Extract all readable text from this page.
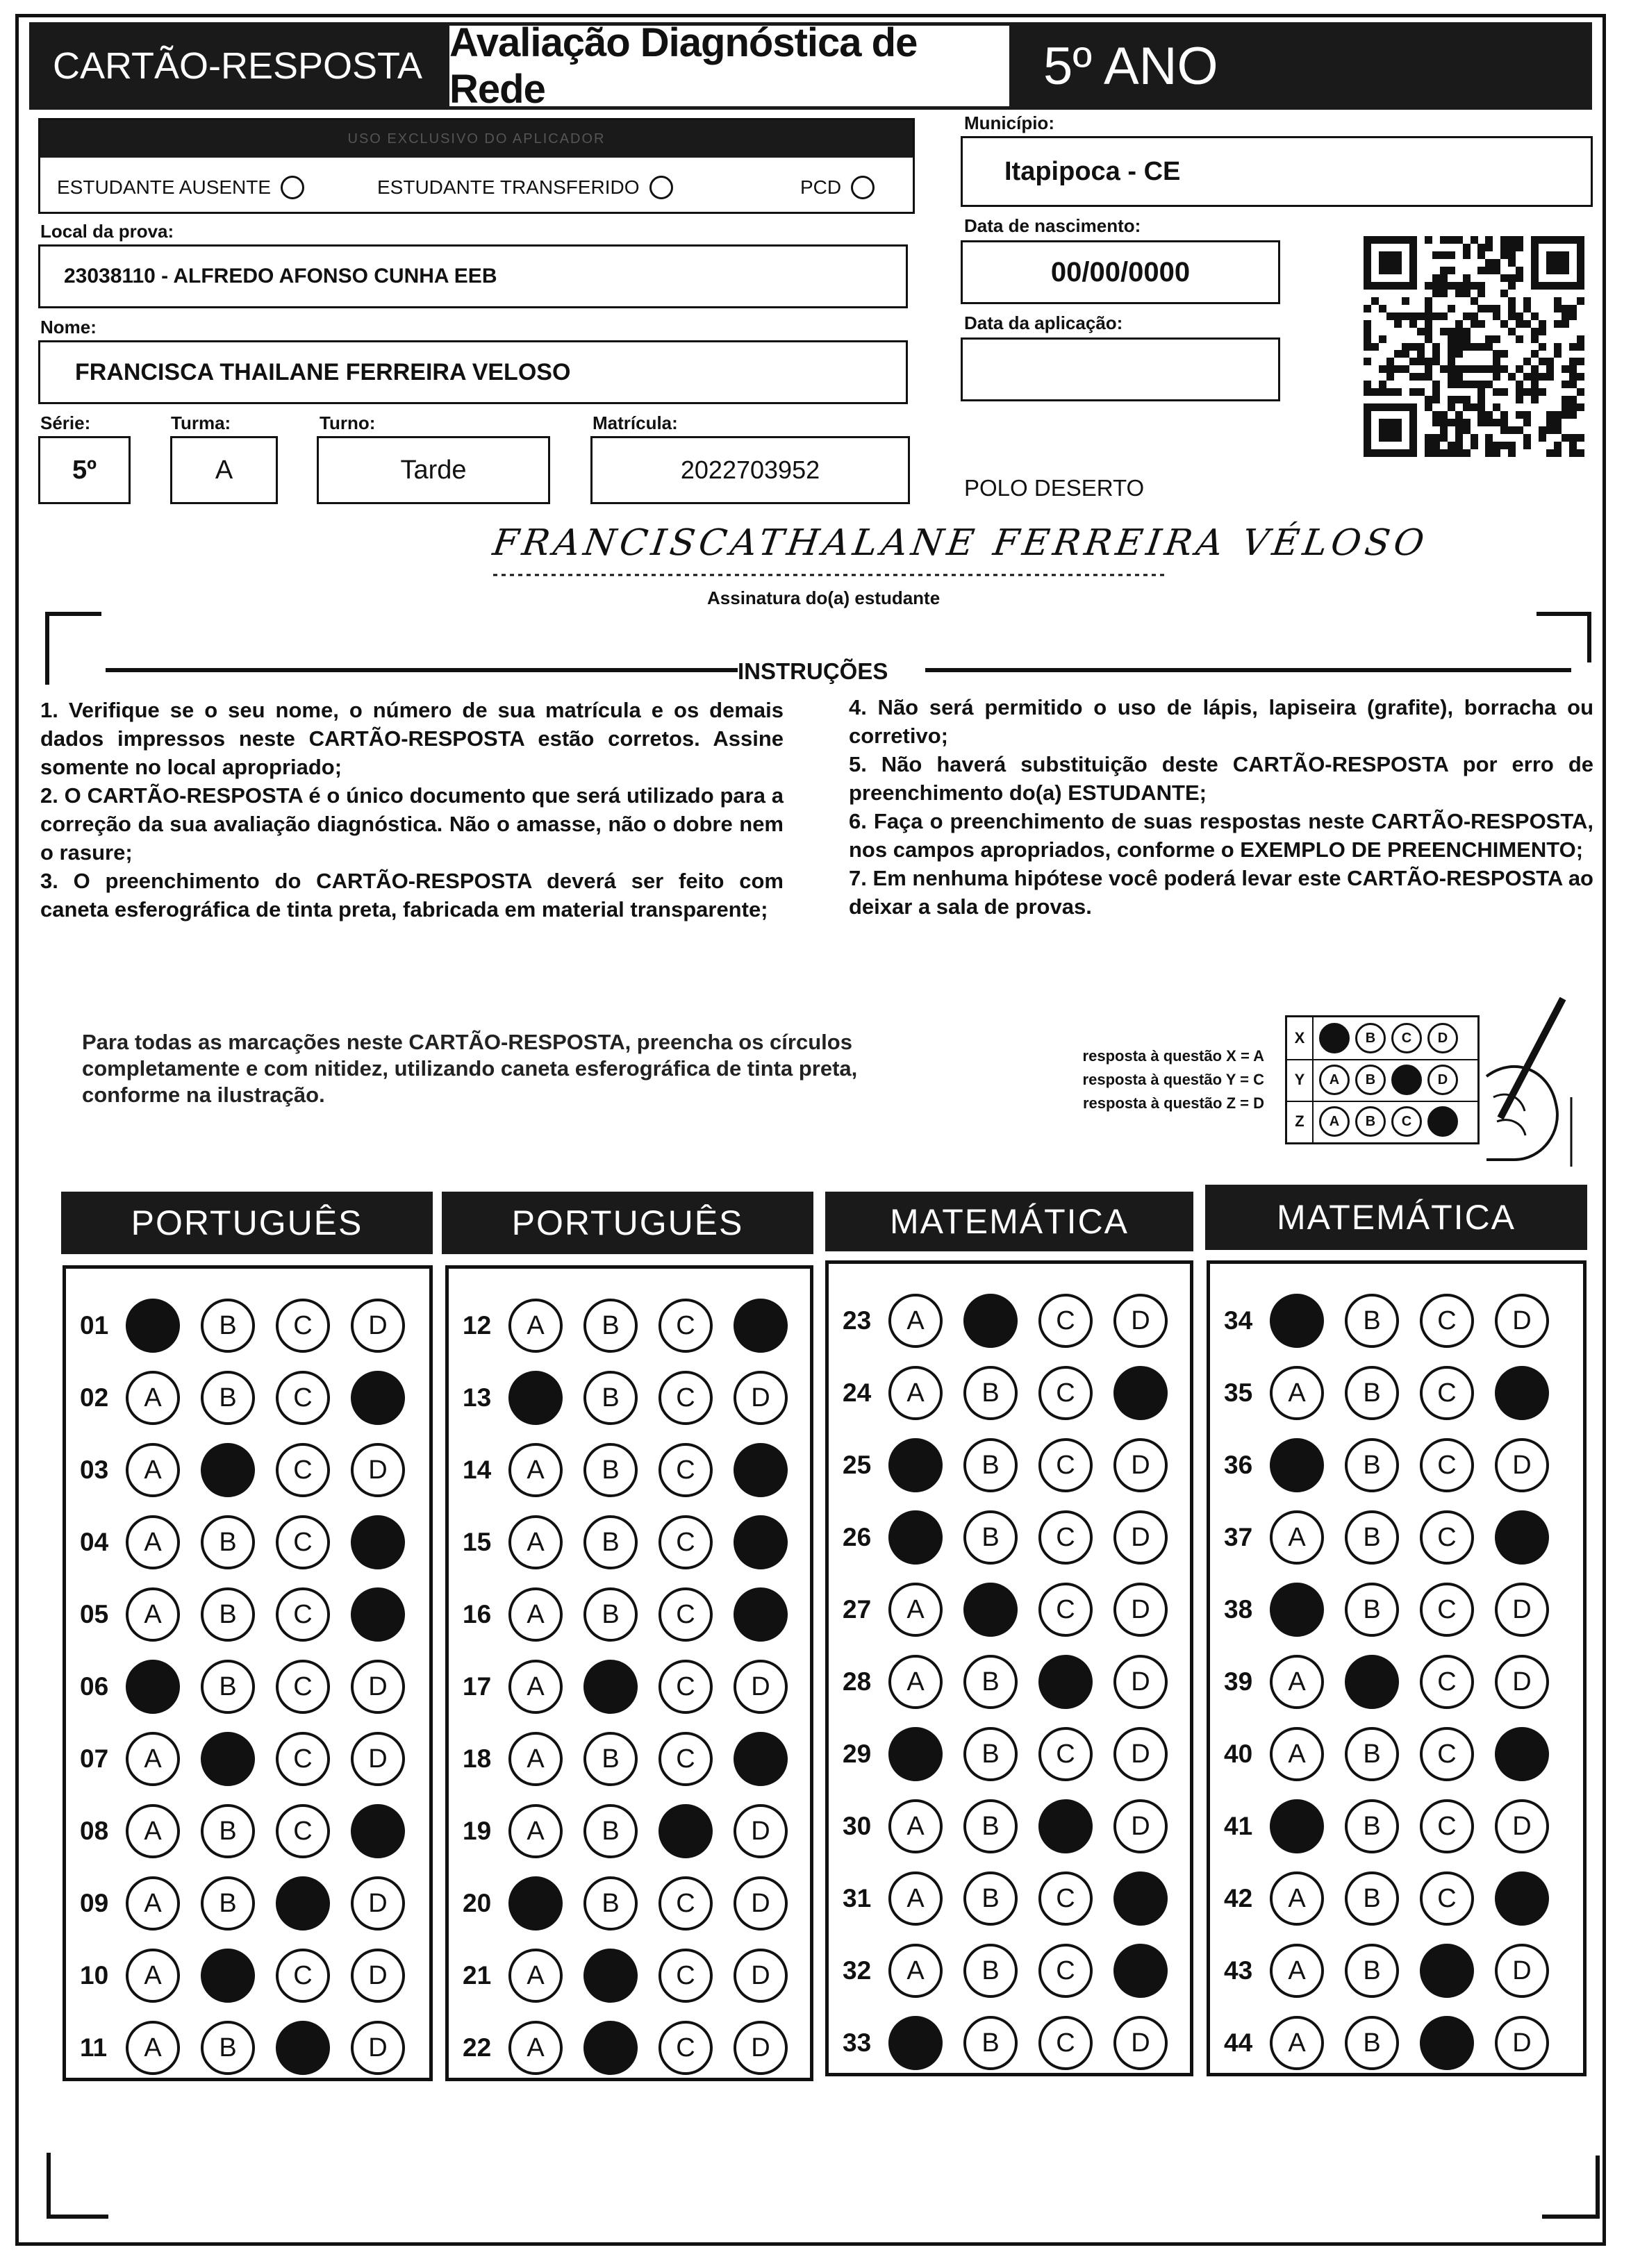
CARTÃO-RESPOSTA
Avaliação Diagnóstica de Rede	5º ANO
USO EXCLUSIVO DO APLICADOR
ESTUDANTE AUSENTE	ESTUDANTE TRANSFERIDO	PCD
Local da prova:
23038110 - ALFREDO AFONSO CUNHA EEB
Nome:
FRANCISCA THAILANE FERREIRA VELOSO
Série:
5º
Turma:
A
Turno:
Tarde
Matrícula:
2022703952
Município:
Itapipoca - CE
Data de nascimento:
00/00/0000
Data da aplicação:
POLO DESERTO
FRANCISCATHALANE FERREIRA VÉLOSO
Assinatura do(a) estudante
INSTRUÇÕES

1. Verifique se o seu nome, o número de sua matrícula e os demais dados impressos neste CARTÃO-RESPOSTA estão corretos. Assine somente no local apropriado;

2. O CARTÃO-RESPOSTA é o único documento que será utilizado para a correção da sua avaliação diagnóstica. Não o amasse, não o dobre nem o rasure;

3. O preenchimento do CARTÃO-RESPOSTA deverá ser feito com caneta esferográfica de tinta preta, fabricada em material transparente;

4. Não será permitido o uso de lápis, lapiseira (grafite), borracha ou corretivo;

5. Não haverá substituição deste CARTÃO-RESPOSTA por erro de preenchimento do(a) ESTUDANTE;

6. Faça o preenchimento de suas respostas neste CARTÃO-RESPOSTA, nos campos apropriados, conforme o EXEMPLO DE PREENCHIMENTO;

7. Em nenhuma hipótese você poderá levar este CARTÃO-RESPOSTA ao deixar a sala de provas.

Para todas as marcações neste CARTÃO-RESPOSTA, preencha os círculos completamente e com nitidez, utilizando caneta esferográfica de tinta preta, conforme na ilustração.
resposta à questão X = A
resposta à questão Y = C
resposta à questão Z = D
X	A	B	C	D
Y	A	B	C	D
Z	A	B	C	D
PORTUGUÊS	PORTUGUÊS	MATEMÁTICA	MATEMÁTICA
01	A	B	C	D
02	A	B	C	D
03	A	B	C	D
04	A	B	C	D
05	A	B	C	D
06	A	B	C	D
07	A	B	C	D
08	A	B	C	D
09	A	B	C	D
10	A	B	C	D
11	A	B	C	D
12	A	B	C	D
13	A	B	C	D
14	A	B	C	D
15	A	B	C	D
16	A	B	C	D
17	A	B	C	D
18	A	B	C	D
19	A	B	C	D
20	A	B	C	D
21	A	B	C	D
22	A	B	C	D
23	A	B	C	D
24	A	B	C	D
25	A	B	C	D
26	A	B	C	D
27	A	B	C	D
28	A	B	C	D
29	A	B	C	D
30	A	B	C	D
31	A	B	C	D
32	A	B	C	D
33	A	B	C	D
34	A	B	C	D
35	A	B	C	D
36	A	B	C	D
37	A	B	C	D
38	A	B	C	D
39	A	B	C	D
40	A	B	C	D
41	A	B	C	D
42	A	B	C	D
43	A	B	C	D
44	A	B	C	D
